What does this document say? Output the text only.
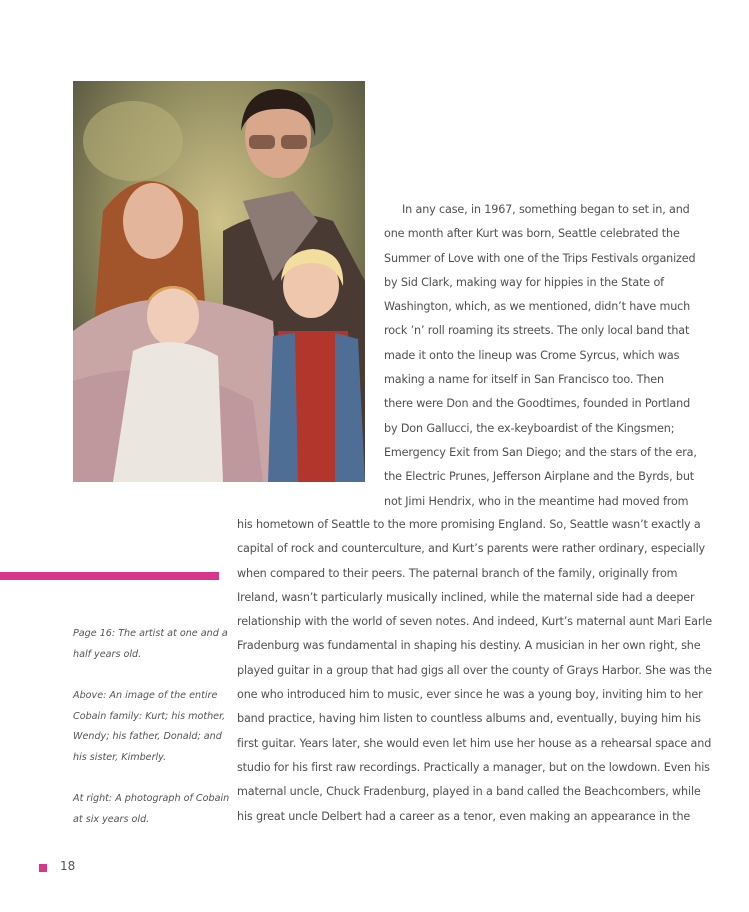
In any case, in 1967, something began to set in, and
one month after Kurt was born, Seattle celebrated the
Summer of Love with one of the Trips Festivals organized
by Sid Clark, making way for hippies in the State of
Washington, which, as we mentioned, didn’t have much
rock ’n’ roll roaming its streets. The only local band that
made it onto the lineup was Crome Syrcus, which was
making a name for itself in San Francisco too. Then
there were Don and the Goodtimes, founded in Portland
by Don Gallucci, the ex-keyboardist of the Kingsmen;
Emergency Exit from San Diego; and the stars of the era,
the Electric Prunes, Jefferson Airplane and the Byrds, but
not Jimi Hendrix, who in the meantime had moved from
his hometown of Seattle to the more promising England. So, Seattle wasn’t exactly a
capital of rock and counterculture, and Kurt’s parents were rather ordinary, especially
when compared to their peers. The paternal branch of the family, originally from
Ireland, wasn’t particularly musically inclined, while the maternal side had a deeper
relationship with the world of seven notes. And indeed, Kurt’s maternal aunt Mari Earle
Fradenburg was fundamental in shaping his destiny. A musician in her own right, she
played guitar in a group that had gigs all over the county of Grays Harbor. She was the
one who introduced him to music, ever since he was a young boy, inviting him to her
band practice, having him listen to countless albums and, eventually, buying him his
first guitar. Years later, she would even let him use her house as a rehearsal space and
studio for his first raw recordings. Practically a manager, but on the lowdown. Even his
maternal uncle, Chuck Fradenburg, played in a band called the Beachcombers, while
his great uncle Delbert had a career as a tenor, even making an appearance in the

Page 16: The artist at one and a
half years old.

Above: An image of the entire
Cobain family: Kurt; his mother,
Wendy; his father, Donald; and
his sister, Kimberly.

At right: A photograph of Cobain
at six years old.

18
